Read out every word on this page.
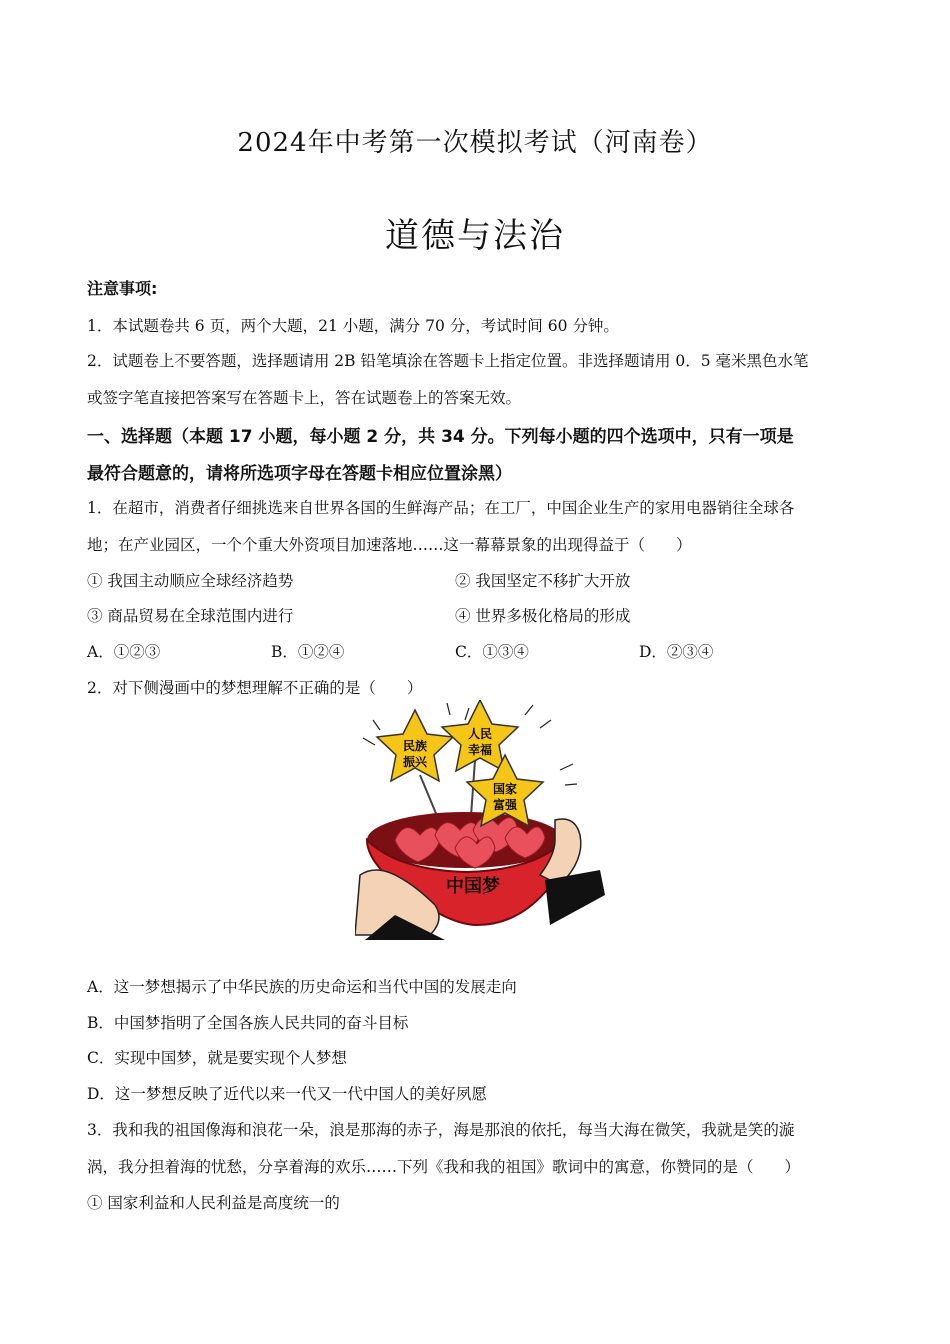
2024年中考第一次模拟考试（河南卷）
道德与法治
注意事项:
1．本试题卷共 6 页，两个大题，21 小题，满分 70 分，考试时间 60 分钟。
2．试题卷上不要答题，选择题请用 2B 铅笔填涂在答题卡上指定位置。非选择题请用 0．5 毫米黑色水笔
或签字笔直接把答案写在答题卡上，答在试题卷上的答案无效。
一、选择题（本题 17 小题，每小题 2 分，共 34 分。下列每小题的四个选项中，只有一项是
最符合题意的，请将所选项字母在答题卡相应位置涂黑）
1．在超市，消费者仔细挑选来自世界各国的生鲜海产品；在工厂，中国企业生产的家用电器销往全球各
地；在产业园区，一个个重大外资项目加速落地……这一幕幕景象的出现得益于（　　）
① 我国主动顺应全球经济趋势	② 我国坚定不移扩大开放
③ 商品贸易在全球范围内进行	④ 世界多极化格局的形成
A．①②③	B．①②④	C．①③④	D．②③④
2．对下侧漫画中的梦想理解不正确的是（　　）
中国梦
民族
振兴
人民
幸福
国家
富强
A．这一梦想揭示了中华民族的历史命运和当代中国的发展走向
B．中国梦指明了全国各族人民共同的奋斗目标
C．实现中国梦，就是要实现个人梦想
D．这一梦想反映了近代以来一代又一代中国人的美好夙愿
3．我和我的祖国像海和浪花一朵，浪是那海的赤子，海是那浪的依托，每当大海在微笑，我就是笑的漩
涡，我分担着海的忧愁，分享着海的欢乐……下列《我和我的祖国》歌词中的寓意，你赞同的是（　　）
① 国家利益和人民利益是高度统一的
